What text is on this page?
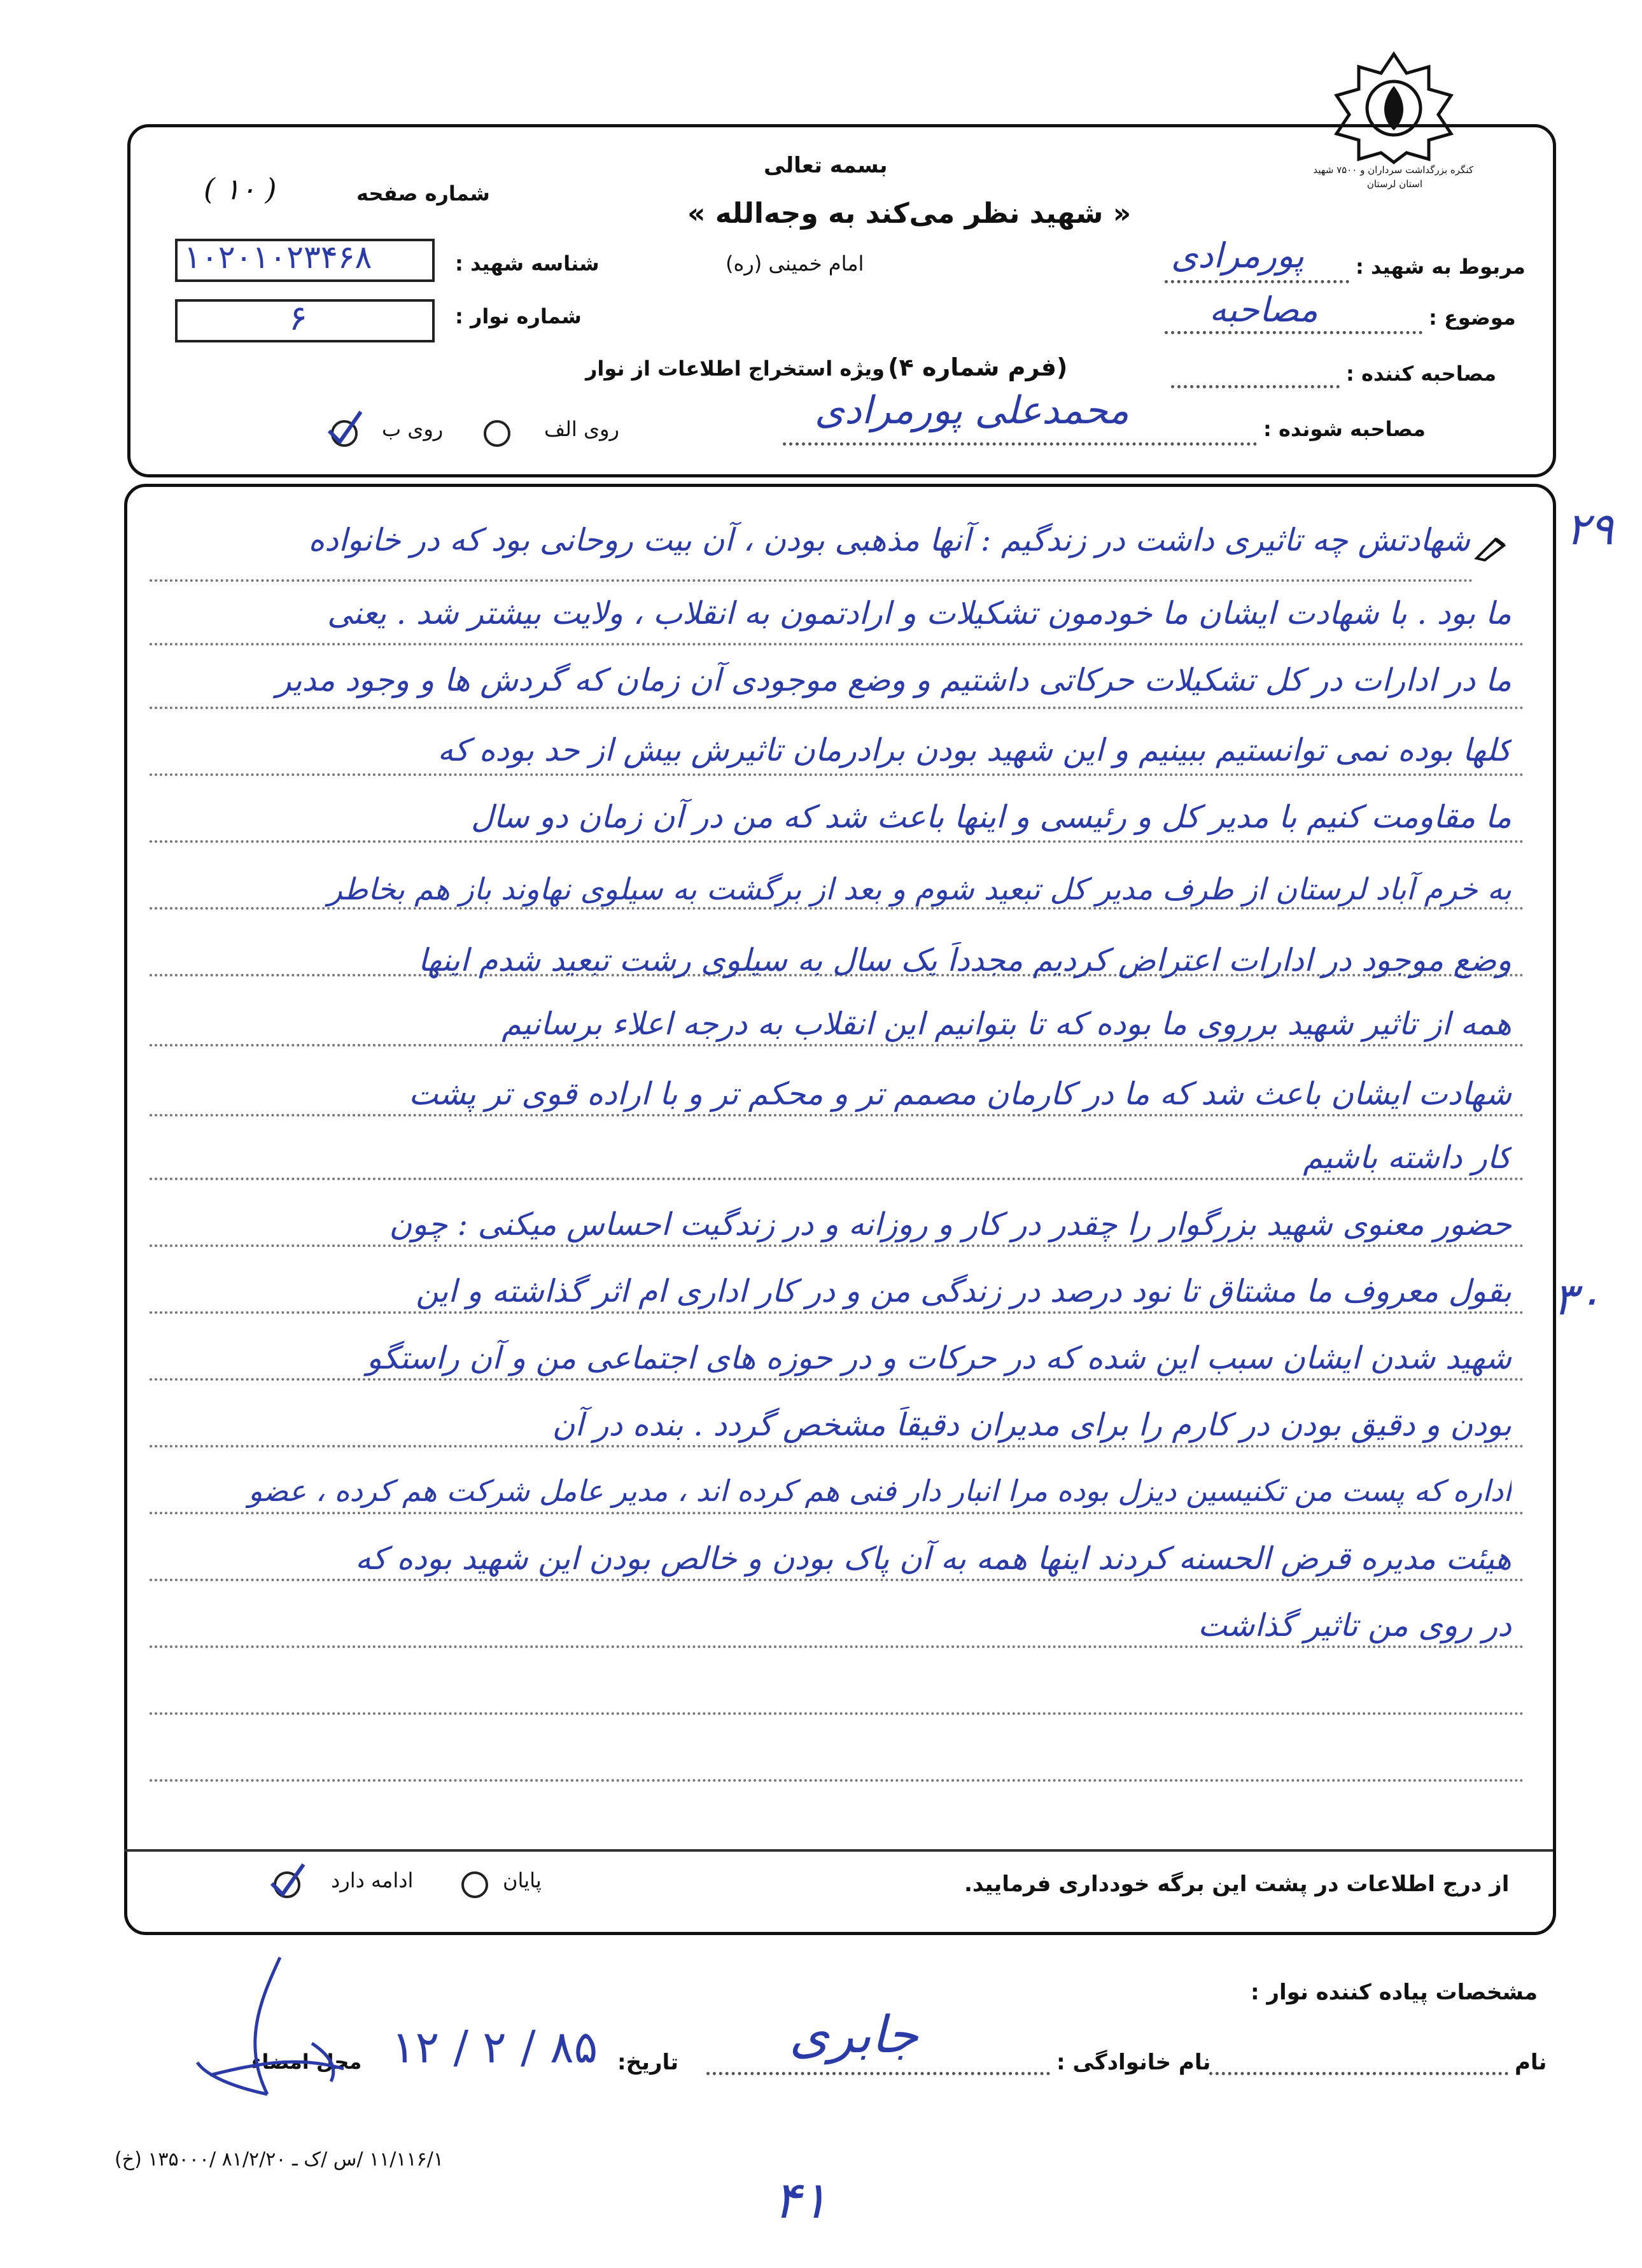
کنگره بزرگداشت سرداران و ۷۵۰۰ شهید
استان لرستان
بسمه تعالی
« شهید نظر می‌کند به وجه‌الله »
امام خمینی (ره)
شماره صفحه
( ۱۰ )
شناسه شهید :
۱۰۲۰۱۰۲۳۴۶۸
شماره نوار :
۶
مربوط به شهید :
پورمرادی
موضوع :
مصاحبه
(فرم شماره ۴) ویژه استخراج اطلاعات از نوار	مصاحبه کننده :
مصاحبه شونده :
محمدعلی پورمرادی
روی الف
روی ب
۲۹
۳۰
شهادتش چه تاثیری داشت در زندگیم : آنها مذهبی بودن ، آن بیت روحانی بود که در خانواده
ما بود . با شهادت ایشان ما خودمون تشکیلات و ارادتمون به انقلاب ، ولایت بیشتر شد . یعنی
ما در ادارات در کل تشکیلات حرکاتی داشتیم و وضع موجودی آن زمان که گردش ها و وجود مدیر
کلها بوده نمی توانستیم ببینیم و این شهید بودن برادرمان تاثیرش بیش از حد بوده که
ما مقاومت کنیم با مدیر کل و رئیسی و اینها باعث شد که من در آن زمان دو سال
به خرم آباد لرستان از طرف مدیر کل تبعید شوم و بعد از برگشت به سیلوی نهاوند باز هم بخاطر
وضع موجود در ادارات اعتراض کردیم مجدداً یک سال به سیلوی رشت تبعید شدم اینها
همه از تاثیر شهید برروی ما بوده که تا بتوانیم این انقلاب به درجه اعلاء برسانیم
شهادت ایشان باعث شد که ما در کارمان مصمم تر و محکم تر و با اراده قوی تر پشت
کار داشته باشیم
حضور معنوی شهید بزرگوار را چقدر در کار و روزانه و در زندگیت احساس میکنی : چون
بقول معروف ما مشتاق تا نود درصد در زندگی من و در کار اداری ام اثر گذاشته و این
شهید شدن ایشان سبب این شده که در حرکات و در حوزه های اجتماعی من و آن راستگو
بودن و دقیق بودن در کارم را برای مدیران دقیقاً مشخص گردد . بنده در آن
اداره که پست من تکنیسین دیزل بوده مرا انبار دار فنی هم کرده اند ، مدیر عامل شرکت هم کرده ، عضو
هیئت مدیره قرض الحسنه کردند اینها همه به آن پاک بودن و خالص بودن این شهید بوده که
در روی من تاثیر گذاشت
ادامه دارد	پایان	از درج اطلاعات در پشت این برگه خودداری فرمایید.
مشخصات پیاده کننده نوار :
نام
نام خانوادگی :
جابری
تاریخ:
۸۵ / ۲ / ۱۲
محل امضاء
۱۱/۱۱۶/۱ /س /ک ـ ۸۱/۲/۲۰ /۱۳۵۰۰۰ (خ)
۴۱
